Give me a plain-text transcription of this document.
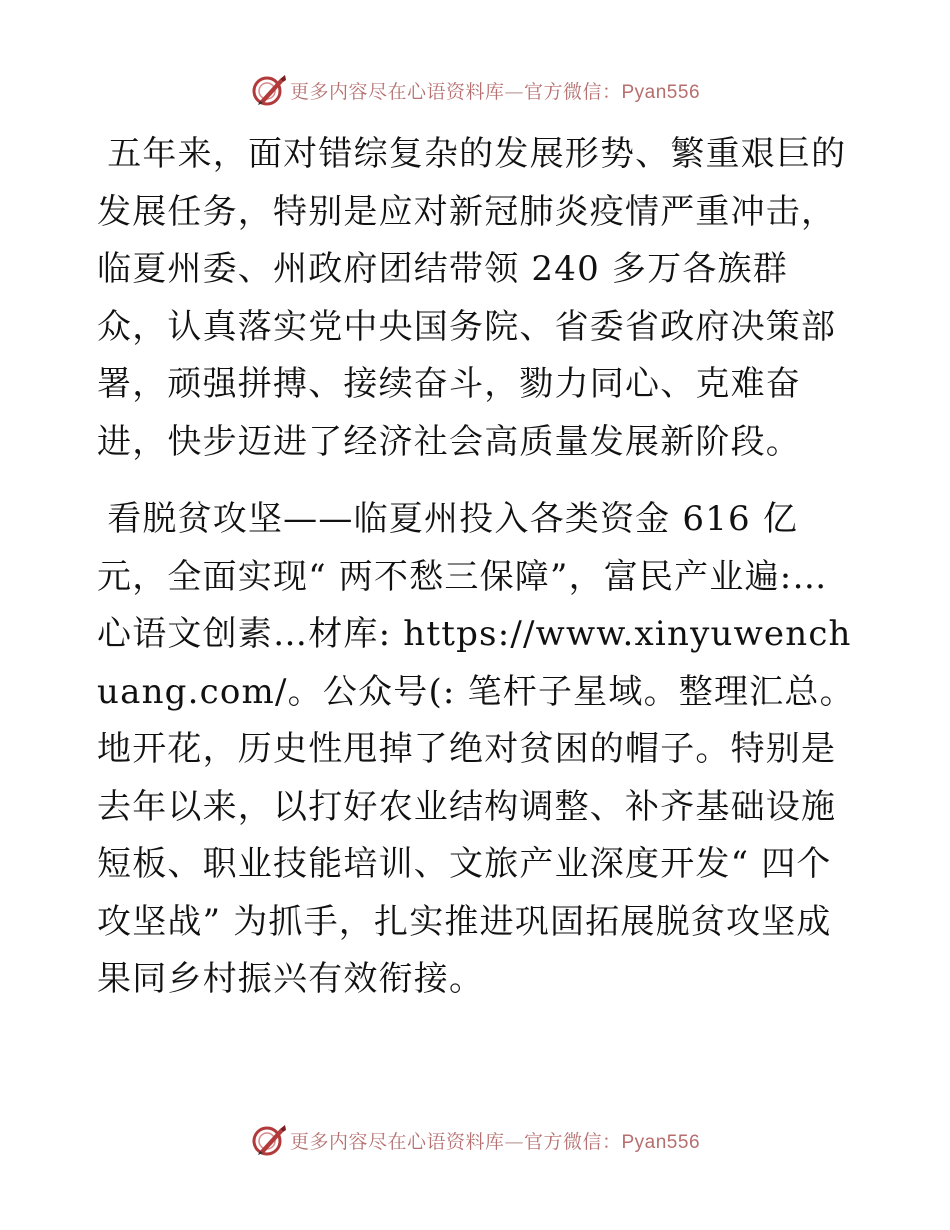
更多内容尽在心语资料库—官方微信：Pyan556

五年来，面对错综复杂的发展形势、繁重艰巨的发展任务，特别是应对新冠肺炎疫情严重冲击，临夏州委、州政府团结带领 240 多万各族群众，认真落实党中央国务院、省委省政府决策部署，顽强拼搏、接续奋斗，勠力同心、克难奋进，快步迈进了经济社会高质量发展新阶段。

看脱贫攻坚——临夏州投入各类资金 616 亿元，全面实现“ 两不愁三保障”，富民产业遍:…心语文创素…材库: https://www.xinyuwenchuang.com/。公众号(: 笔杆子星域。整理汇总。地开花，历史性甩掉了绝对贫困的帽子。特别是去年以来，以打好农业结构调整、补齐基础设施短板、职业技能培训、文旅产业深度开发“ 四个攻坚战” 为抓手，扎实推进巩固拓展脱贫攻坚成果同乡村振兴有效衔接。

更多内容尽在心语资料库—官方微信：Pyan556
